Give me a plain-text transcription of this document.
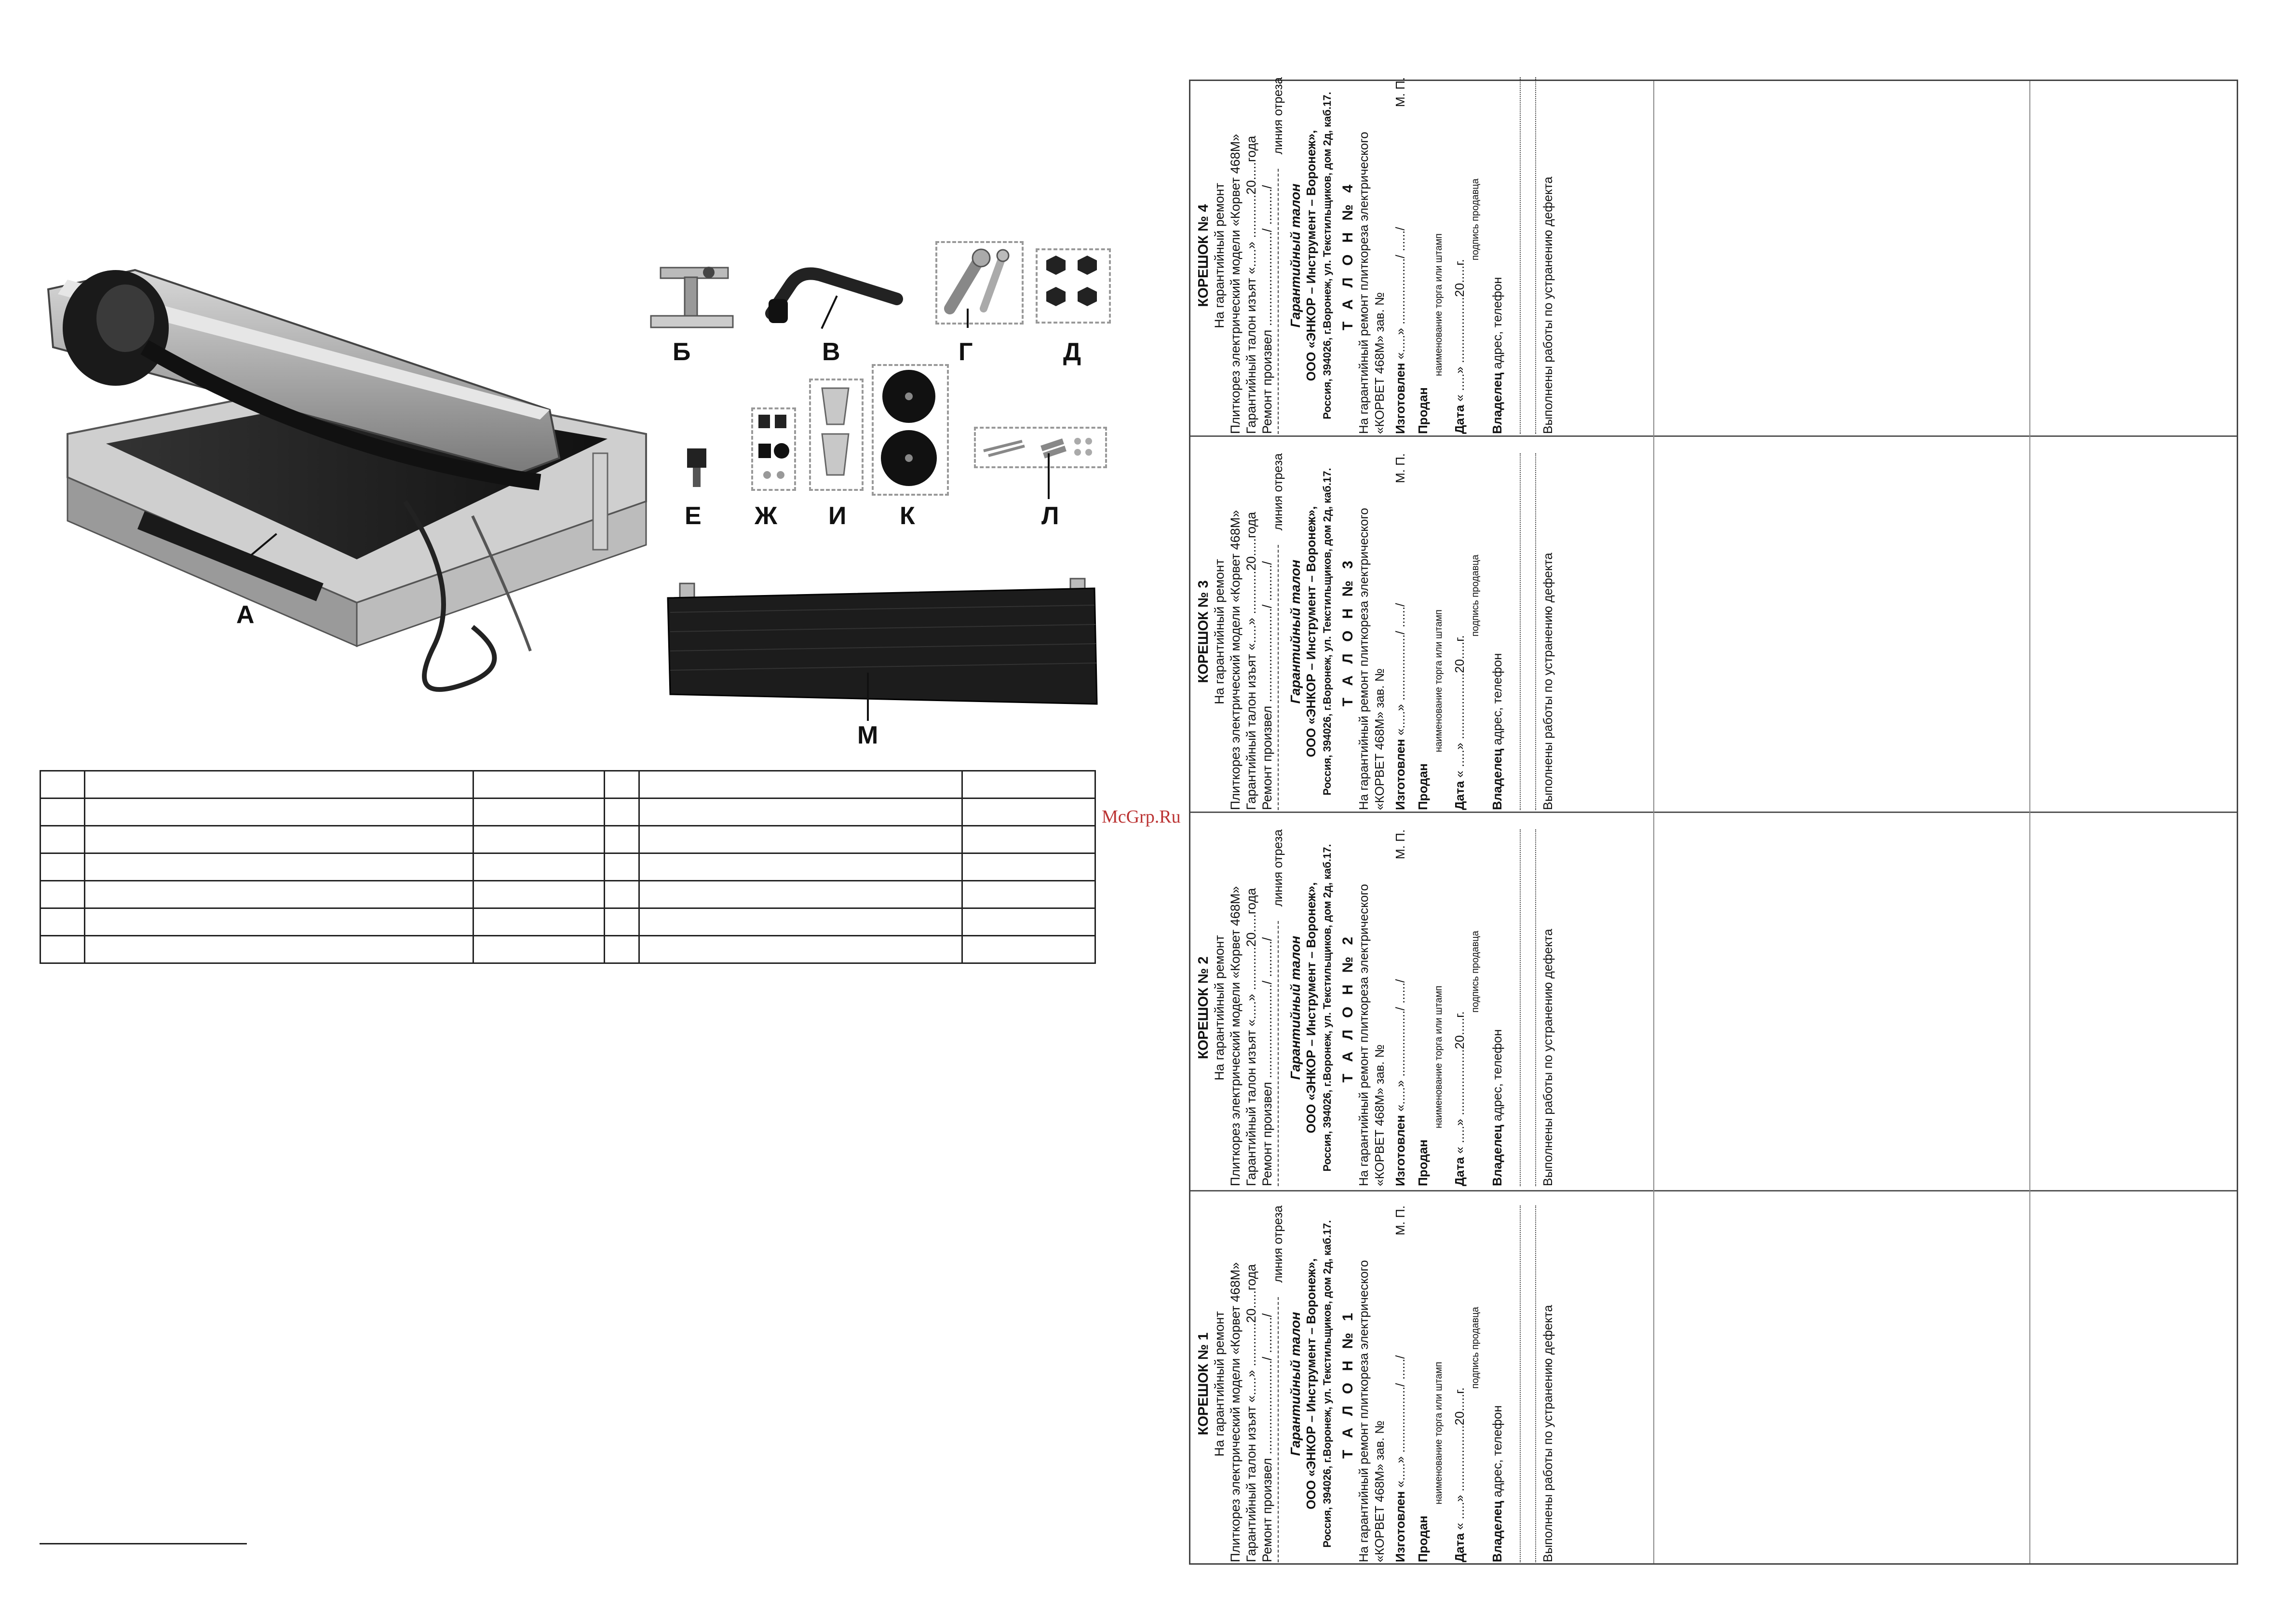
А
Б	В	Г	Д
Е Ж И К	Л
М

McGrp.Ru
КОРЕШОК № 1 На гарантийный ремонт Плиткорез электрический модели «Корвет 468М» Гарантийный талон изъят «.....» ............20.....года Ремонт произвел ........................../ ........../
линия отреза
Гарантийный талон ООО «ЭНКОР – Инструмент – Воронеж», Россия, 394026, г.Воронеж, ул. Текстильщиков, дом 2д, каб.17. Т А Л О Н № 1 На гарантийный ремонт плиткореза электрического «КОРВЕТ 468М» зав. № Изготовлен «.....» .................../ ....../
М. П.
Продан
наименование торга или штамп
Дата « .....» ...................20.....г.
подпись продавца
Владелец адрес, телефон	Выполнены работы по устранению дефекта
КОРЕШОК № 2 На гарантийный ремонт Плиткорез электрический модели «Корвет 468М» Гарантийный талон изъят «.....» ............20.....года Ремонт произвел ........................../ ........../
линия отреза
Гарантийный талон ООО «ЭНКОР – Инструмент – Воронеж», Россия, 394026, г.Воронеж, ул. Текстильщиков, дом 2д, каб.17. Т А Л О Н № 2 На гарантийный ремонт плиткореза электрического «КОРВЕТ 468М» зав. № Изготовлен «.....» .................../ ....../
М. П.
Продан
наименование торга или штамп
Дата « .....» ...................20.....г.
подпись продавца
Владелец адрес, телефон	Выполнены работы по устранению дефекта
КОРЕШОК № 3 На гарантийный ремонт Плиткорез электрический модели «Корвет 468М» Гарантийный талон изъят «.....» ............20.....года Ремонт произвел ........................../ ........../
линия отреза
Гарантийный талон ООО «ЭНКОР – Инструмент – Воронеж», Россия, 394026, г.Воронеж, ул. Текстильщиков, дом 2д, каб.17. Т А Л О Н № 3 На гарантийный ремонт плиткореза электрического «КОРВЕТ 468М» зав. № Изготовлен «.....» .................../ ....../
М. П.
Продан
наименование торга или штамп
Дата « .....» ...................20.....г.
подпись продавца
Владелец адрес, телефон	Выполнены работы по устранению дефекта
КОРЕШОК № 4 На гарантийный ремонт Плиткорез электрический модели «Корвет 468М» Гарантийный талон изъят «.....» ............20.....года Ремонт произвел ........................../ ........../
линия отреза
Гарантийный талон ООО «ЭНКОР – Инструмент – Воронеж», Россия, 394026, г.Воронеж, ул. Текстильщиков, дом 2д, каб.17. Т А Л О Н № 4 На гарантийный ремонт плиткореза электрического «КОРВЕТ 468М» зав. № Изготовлен «.....» .................../ ....../
М. П.
Продан
наименование торга или штамп
Дата « .....» ...................20.....г.
подпись продавца
Владелец адрес, телефон	Выполнены работы по устранению дефекта
